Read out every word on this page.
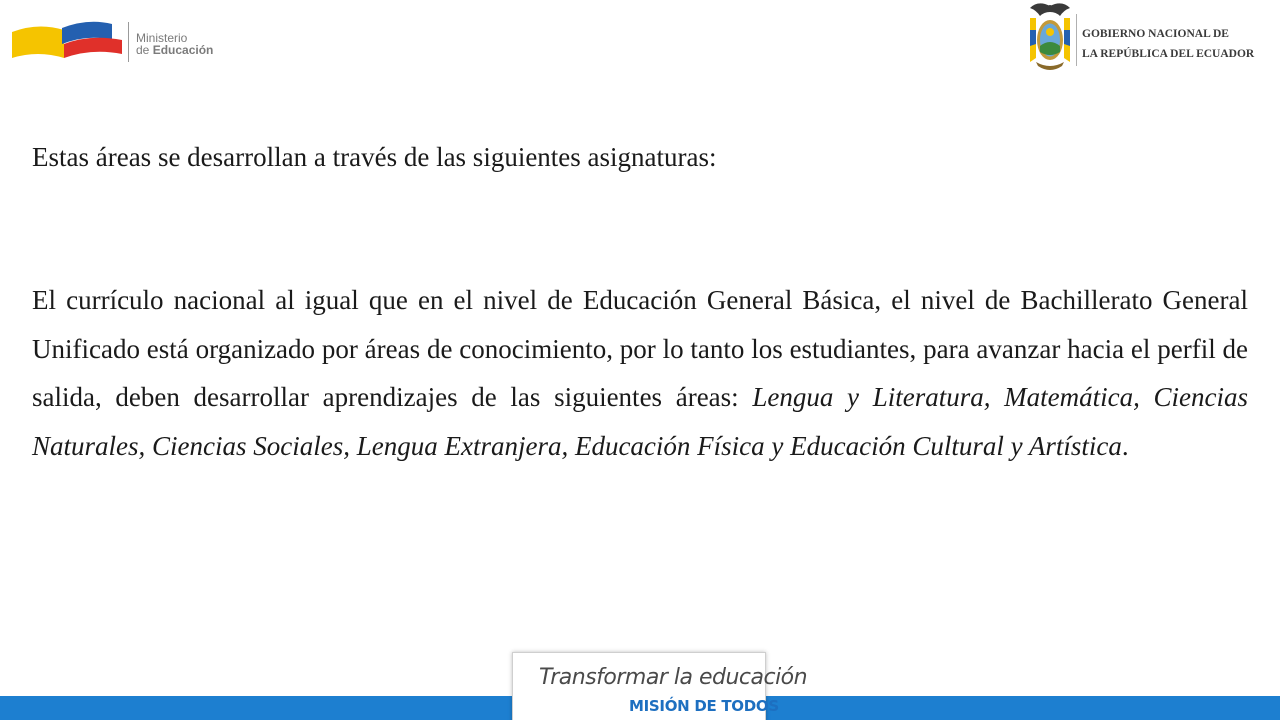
Ministerio
de Educación
GOBIERNO NACIONAL DE
LA REPÚBLICA DEL ECUADOR
Estas áreas se desarrollan a través de las siguientes asignaturas:

El currículo nacional al igual que en el nivel de Educación General Básica, el nivel de Bachillerato General Unificado está organizado por áreas de conocimiento, por lo tanto los estudiantes, para avanzar hacia el perfil de salida, deben desarrollar aprendizajes de las siguientes áreas: Lengua y Literatura, Matemática, Ciencias Naturales, Ciencias Sociales, Lengua Extranjera, Educación Física y Educación Cultural y Artística.

Transformar la educación
MISIÓN DE TODOS
